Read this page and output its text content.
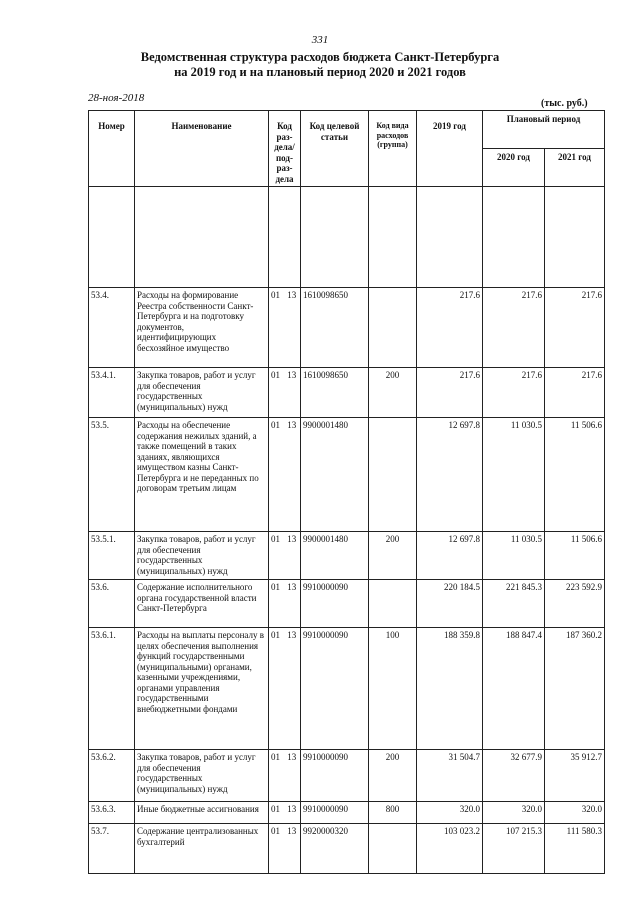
331
Ведомственная структура расходов бюджета Санкт-Петербурга
на 2019 год и на плановый период 2020 и 2021 годов
28-ноя-2018	(тыс. руб.)
Номер	Наименование	Код раз-дела/ под-раз-дела	Код целевой статьи	Код вида расходов (группа)	2019 год	Плановый период	
						2020 год	2021 год

53.4.	Расходы на формирование Реестра собственности Санкт-Петербурга и на подготовку документов, идентифицирующих бесхозяйное имущество	01 13	1610098650		217.6	217.6	217.6
53.4.1.	Закупка товаров, работ и услуг для обеспечения государственных (муниципальных) нужд	01 13	1610098650	200	217.6	217.6	217.6
53.5.	Расходы на обеспечение содержания нежилых зданий, а также помещений в таких зданиях, являющихся имуществом казны Санкт-Петербурга и не переданных по договорам третьим лицам	01 13	9900001480		12 697.8	11 030.5	11 506.6
53.5.1.	Закупка товаров, работ и услуг для обеспечения государственных (муниципальных) нужд	01 13	9900001480	200	12 697.8	11 030.5	11 506.6
53.6.	Содержание исполнительного органа государственной власти Санкт-Петербурга	01 13	9910000090		220 184.5	221 845.3	223 592.9
53.6.1.	Расходы на выплаты персоналу в целях обеспечения выполнения функций государственными (муниципальными) органами, казенными учреждениями, органами управления государственными внебюджетными фондами	01 13	9910000090	100	188 359.8	188 847.4	187 360.2
53.6.2.	Закупка товаров, работ и услуг для обеспечения государственных (муниципальных) нужд	01 13	9910000090	200	31 504.7	32 677.9	35 912.7
53.6.3.	Иные бюджетные ассигнования	01 13	9910000090	800	320.0	320.0	320.0
53.7.	Содержание централизованных бухгалтерий	01 13	9920000320		103 023.2	107 215.3	111 580.3
